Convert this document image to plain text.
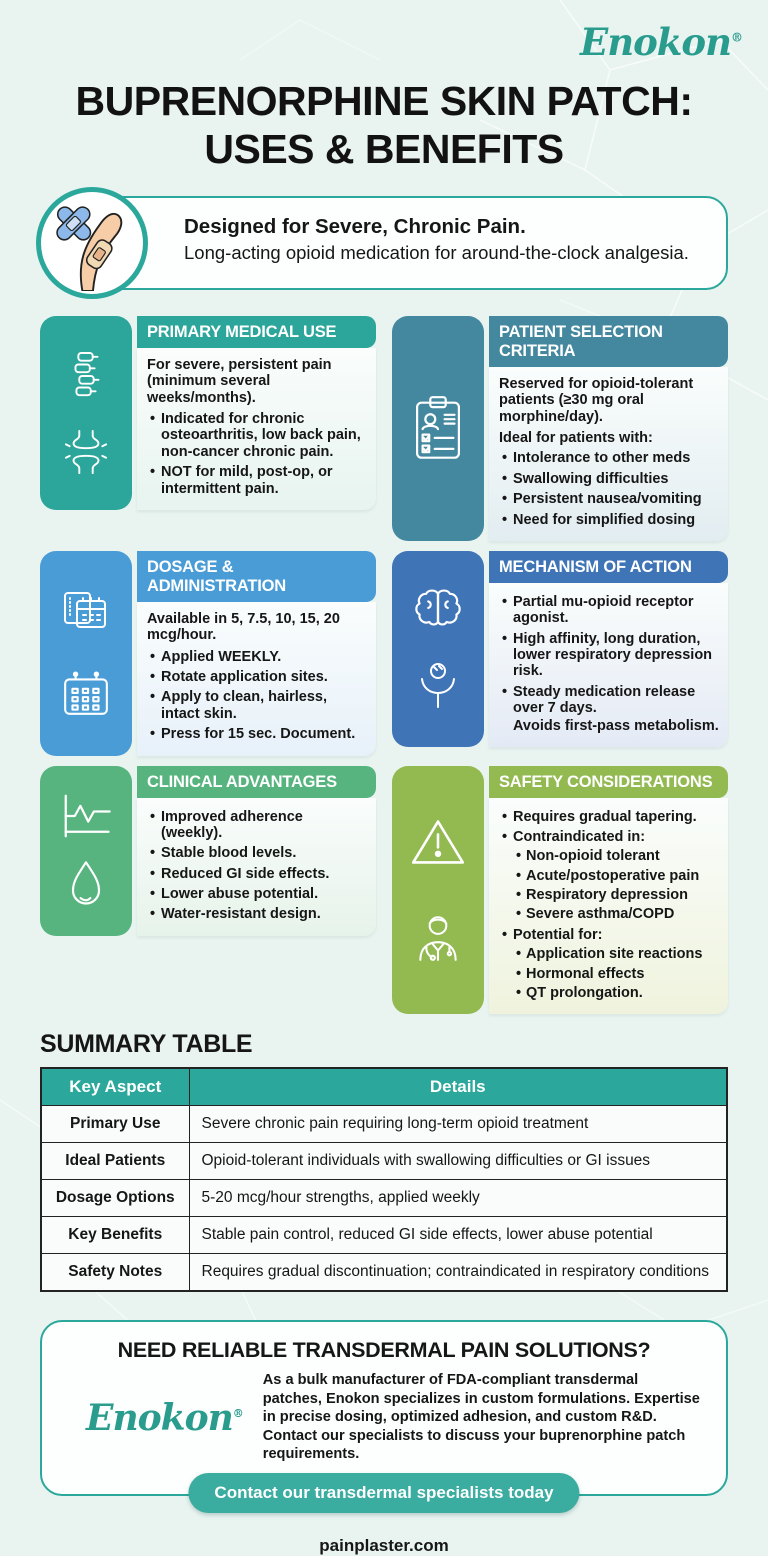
Enokon®
BUPRENORPHINE SKIN PATCH:
USES & BENEFITS
Designed for Severe, Chronic Pain.
Long-acting opioid medication for around-the-clock analgesia.
PRIMARY MEDICAL USE

For severe, persistent pain (minimum several weeks/months).

• Indicated for chronic osteoarthritis, low back pain, non-cancer chronic pain.
• NOT for mild, post-op, or intermittent pain.
PATIENT SELECTION CRITERIA

Reserved for opioid-tolerant patients (≥30 mg oral morphine/day).

Ideal for patients with:

• Intolerance to other meds
• Swallowing difficulties
• Persistent nausea/vomiting
• Need for simplified dosing
DOSAGE & ADMINISTRATION

Available in 5, 7.5, 10, 15, 20 mcg/hour.

• Applied WEEKLY.
• Rotate application sites.
• Apply to clean, hairless, intact skin.
• Press for 15 sec. Document.
MECHANISM OF ACTION
• Partial mu-opioid receptor agonist.
• High affinity, long duration, lower respiratory depression risk.
• Steady medication release over 7 days.
Avoids first-pass metabolism.
CLINICAL ADVANTAGES
• Improved adherence (weekly).
• Stable blood levels.
• Reduced GI side effects.
• Lower abuse potential.
• Water-resistant design.
SAFETY CONSIDERATIONS
• Requires gradual tapering.
• Contraindicated in:
• Non-opioid tolerant
• Acute/postoperative pain
• Respiratory depression
• Severe asthma/COPD
• Potential for:
• Application site reactions
• Hormonal effects
• QT prolongation.
SUMMARY TABLE
Key Aspect	Details
Primary Use	Severe chronic pain requiring long-term opioid treatment
Ideal Patients	Opioid-tolerant individuals with swallowing difficulties or GI issues
Dosage Options	5-20 mcg/hour strengths, applied weekly
Key Benefits	Stable pain control, reduced GI side effects, lower abuse potential
Safety Notes	Requires gradual discontinuation; contraindicated in respiratory conditions
NEED RELIABLE TRANSDERMAL PAIN SOLUTIONS?
Enokon®

As a bulk manufacturer of FDA-compliant transdermal patches, Enokon specializes in custom formulations. Expertise in precise dosing, optimized adhesion, and custom R&D. Contact our specialists to discuss your buprenorphine patch requirements.

Contact our transdermal specialists today
painplaster.com
